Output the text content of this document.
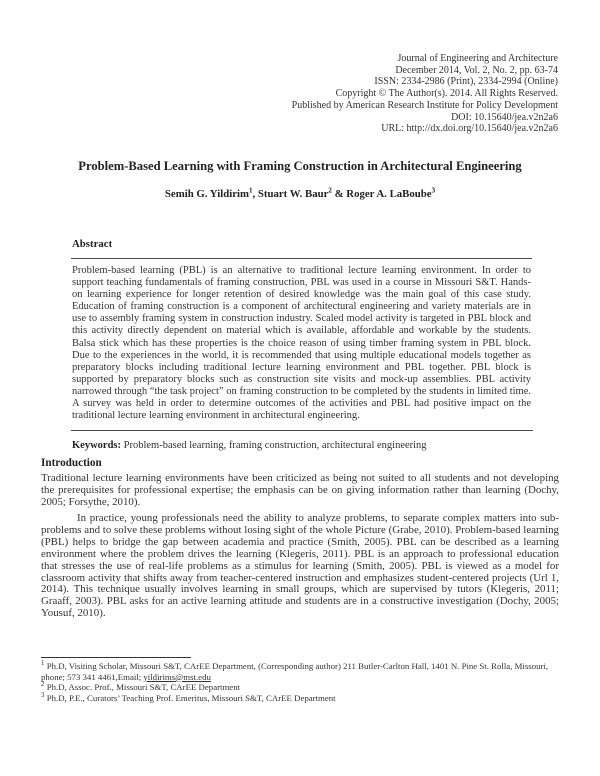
Journal of Engineering and Architecture
December 2014, Vol. 2, No. 2, pp. 63-74
ISSN: 2334-2986 (Print), 2334-2994 (Online)
Copyright © The Author(s). 2014. All Rights Reserved.
Published by American Research Institute for Policy Development
DOI: 10.15640/jea.v2n2a6
URL: http://dx.doi.org/10.15640/jea.v2n2a6
Problem-Based Learning with Framing Construction in Architectural Engineering
Semih G. Yildirim$^1$, Stuart W. Baur$^2$ & Roger A. LaBoube$^3$
Abstract
Problem-based learning (PBL) is an alternative to traditional lecture learning environment. In order to support teaching fundamentals of framing construction, PBL was used in a course in Missouri S&T. Hands-on learning experience for longer retention of desired knowledge was the main goal of this case study. Education of framing construction is a component of architectural engineering and variety materials are in use to assembly framing system in construction industry. Scaled model activity is targeted in PBL block and this activity directly dependent on material which is available, affordable and workable by the students. Balsa stick which has these properties is the choice reason of using timber framing system in PBL block. Due to the experiences in the world, it is recommended that using multiple educational models together as preparatory blocks including traditional lecture learning environment and PBL together. PBL block is supported by preparatory blocks such as construction site visits and mock-up assemblies. PBL activity narrowed through “the task project” on framing construction to be completed by the students in limited time. A survey was held in order to determine outcomes of the activities and PBL had positive impact on the traditional lecture learning environment in architectural engineering.
Keywords: Problem-based learning, framing construction, architectural engineering
Introduction
Traditional lecture learning environments have been criticized as being not suited to all students and not developing the prerequisites for professional expertise; the emphasis can be on giving information rather than learning (Dochy, 2005; Forsythe, 2010).
In practice, young professionals need the ability to analyze problems, to separate complex matters into sub-problems and to solve these problems without losing sight of the whole Picture (Grabe, 2010). Problem-based learning (PBL) helps to bridge the gap between academia and practice (Smith, 2005). PBL can be described as a learning environment where the problem drives the learning (Klegeris, 2011). PBL is an approach to professional education that stresses the use of real-life problems as a stimulus for learning (Smith, 2005). PBL is viewed as a model for classroom activity that shifts away from teacher-centered instruction and emphasizes student-centered projects (Url 1, 2014). This technique usually involves learning in small groups, which are supervised by tutors (Klegeris, 2011; Graaff, 2003). PBL asks for an active learning attitude and students are in a constructive investigation (Dochy, 2005; Yousuf, 2010).
$^1$ Ph.D, Visiting Scholar, Missouri S&T, CArEE Department, (Corresponding author) 211 Butler-Carlton Hall, 1401 N. Pine St. Rolla, Missouri, phone; 573 341 4461,Email; yildirims@mst.edu
$^2$ Ph.D, Assoc. Prof., Missouri S&T, CArEE Department
$^3$ Ph.D, P.E., Curators’ Teaching Prof. Emeritus, Missouri S&T, CArEE Department
